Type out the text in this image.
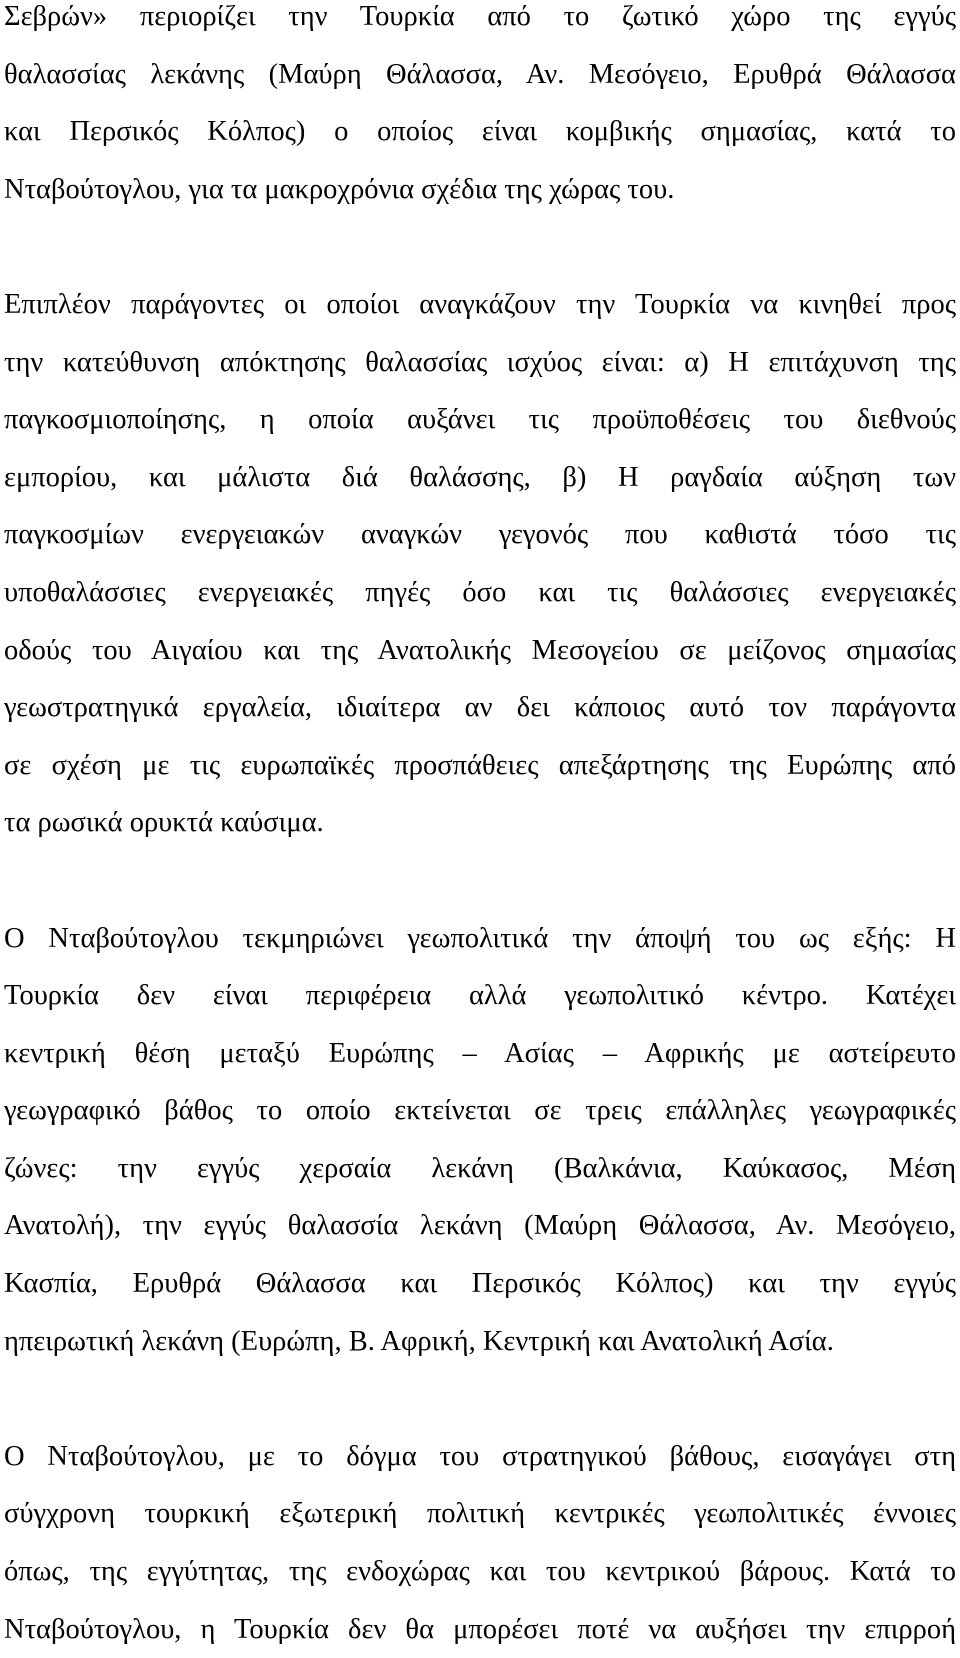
Σεβρών» περιορίζει την Τουρκία από το ζωτικό χώρο της εγγύς
θαλασσίας λεκάνης (Μαύρη Θάλασσα, Αν. Μεσόγειο, Ερυθρά Θάλασσα
και Περσικός Κόλπος) ο οποίος είναι κομβικής σημασίας, κατά το
Νταβούτογλου, για τα μακροχρόνια σχέδια της χώρας του.
Επιπλέον παράγοντες οι οποίοι αναγκάζουν την Τουρκία να κινηθεί προς
την κατεύθυνση απόκτησης θαλασσίας ισχύος είναι: α) Η επιτάχυνση της
παγκοσμιοποίησης, η οποία αυξάνει τις προϋποθέσεις του διεθνούς
εμπορίου, και μάλιστα διά θαλάσσης, β) Η ραγδαία αύξηση των
παγκοσμίων ενεργειακών αναγκών γεγονός που καθιστά τόσο τις
υποθαλάσσιες ενεργειακές πηγές όσο και τις θαλάσσιες ενεργειακές
οδούς του Αιγαίου και της Ανατολικής Μεσογείου σε μείζονος σημασίας
γεωστρατηγικά εργαλεία, ιδιαίτερα αν δει κάποιος αυτό τον παράγοντα
σε σχέση με τις ευρωπαϊκές προσπάθειες απεξάρτησης της Ευρώπης από
τα ρωσικά ορυκτά καύσιμα.
Ο Νταβούτογλου τεκμηριώνει γεωπολιτικά την άποψή του ως εξής: Η
Τουρκία δεν είναι περιφέρεια αλλά γεωπολιτικό κέντρο. Κατέχει
κεντρική θέση μεταξύ Ευρώπης – Ασίας – Αφρικής με αστείρευτο
γεωγραφικό βάθος το οποίο εκτείνεται σε τρεις επάλληλες γεωγραφικές
ζώνες: την εγγύς χερσαία λεκάνη (Βαλκάνια, Καύκασος, Μέση
Ανατολή), την εγγύς θαλασσία λεκάνη (Μαύρη Θάλασσα, Αν. Μεσόγειο,
Κασπία, Ερυθρά Θάλασσα και Περσικός Κόλπος) και την εγγύς
ηπειρωτική λεκάνη (Ευρώπη, Β. Αφρική, Κεντρική και Ανατολική Ασία.
Ο Νταβούτογλου, με το δόγμα του στρατηγικού βάθους, εισαγάγει στη
σύγχρονη τουρκική εξωτερική πολιτική κεντρικές γεωπολιτικές έννοιες
όπως, της εγγύτητας, της ενδοχώρας και του κεντρικού βάρους. Κατά το
Νταβούτογλου, η Τουρκία δεν θα μπορέσει ποτέ να αυξήσει την επιρροή
